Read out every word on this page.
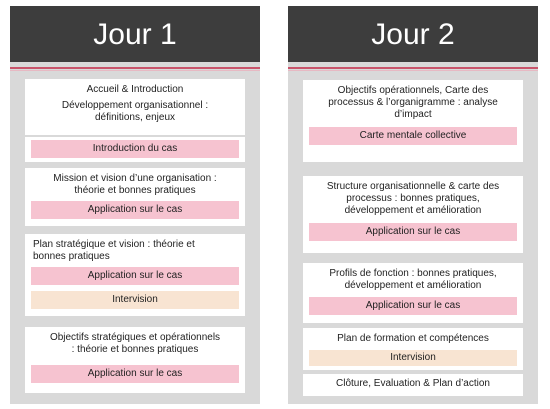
Jour 1
Accueil & Introduction
Développement organisationnel :
définitions, enjeux
Introduction du cas
Mission et vision d’une organisation :
théorie et bonnes pratiques
Application sur le cas
Plan stratégique et vision : théorie et
bonnes pratiques
Application sur le cas
Intervision
Objectifs stratégiques et opérationnels
: théorie et bonnes pratiques
Application sur le cas
Jour 2
Objectifs opérationnels, Carte des
processus & l’organigramme : analyse
d’impact
Carte mentale collective
Structure organisationnelle & carte des
processus : bonnes pratiques,
développement et amélioration
Application sur le cas
Profils de fonction : bonnes pratiques,
développement et amélioration
Application sur le cas
Plan de formation et compétences
Intervision
Clôture, Evaluation & Plan d’action
